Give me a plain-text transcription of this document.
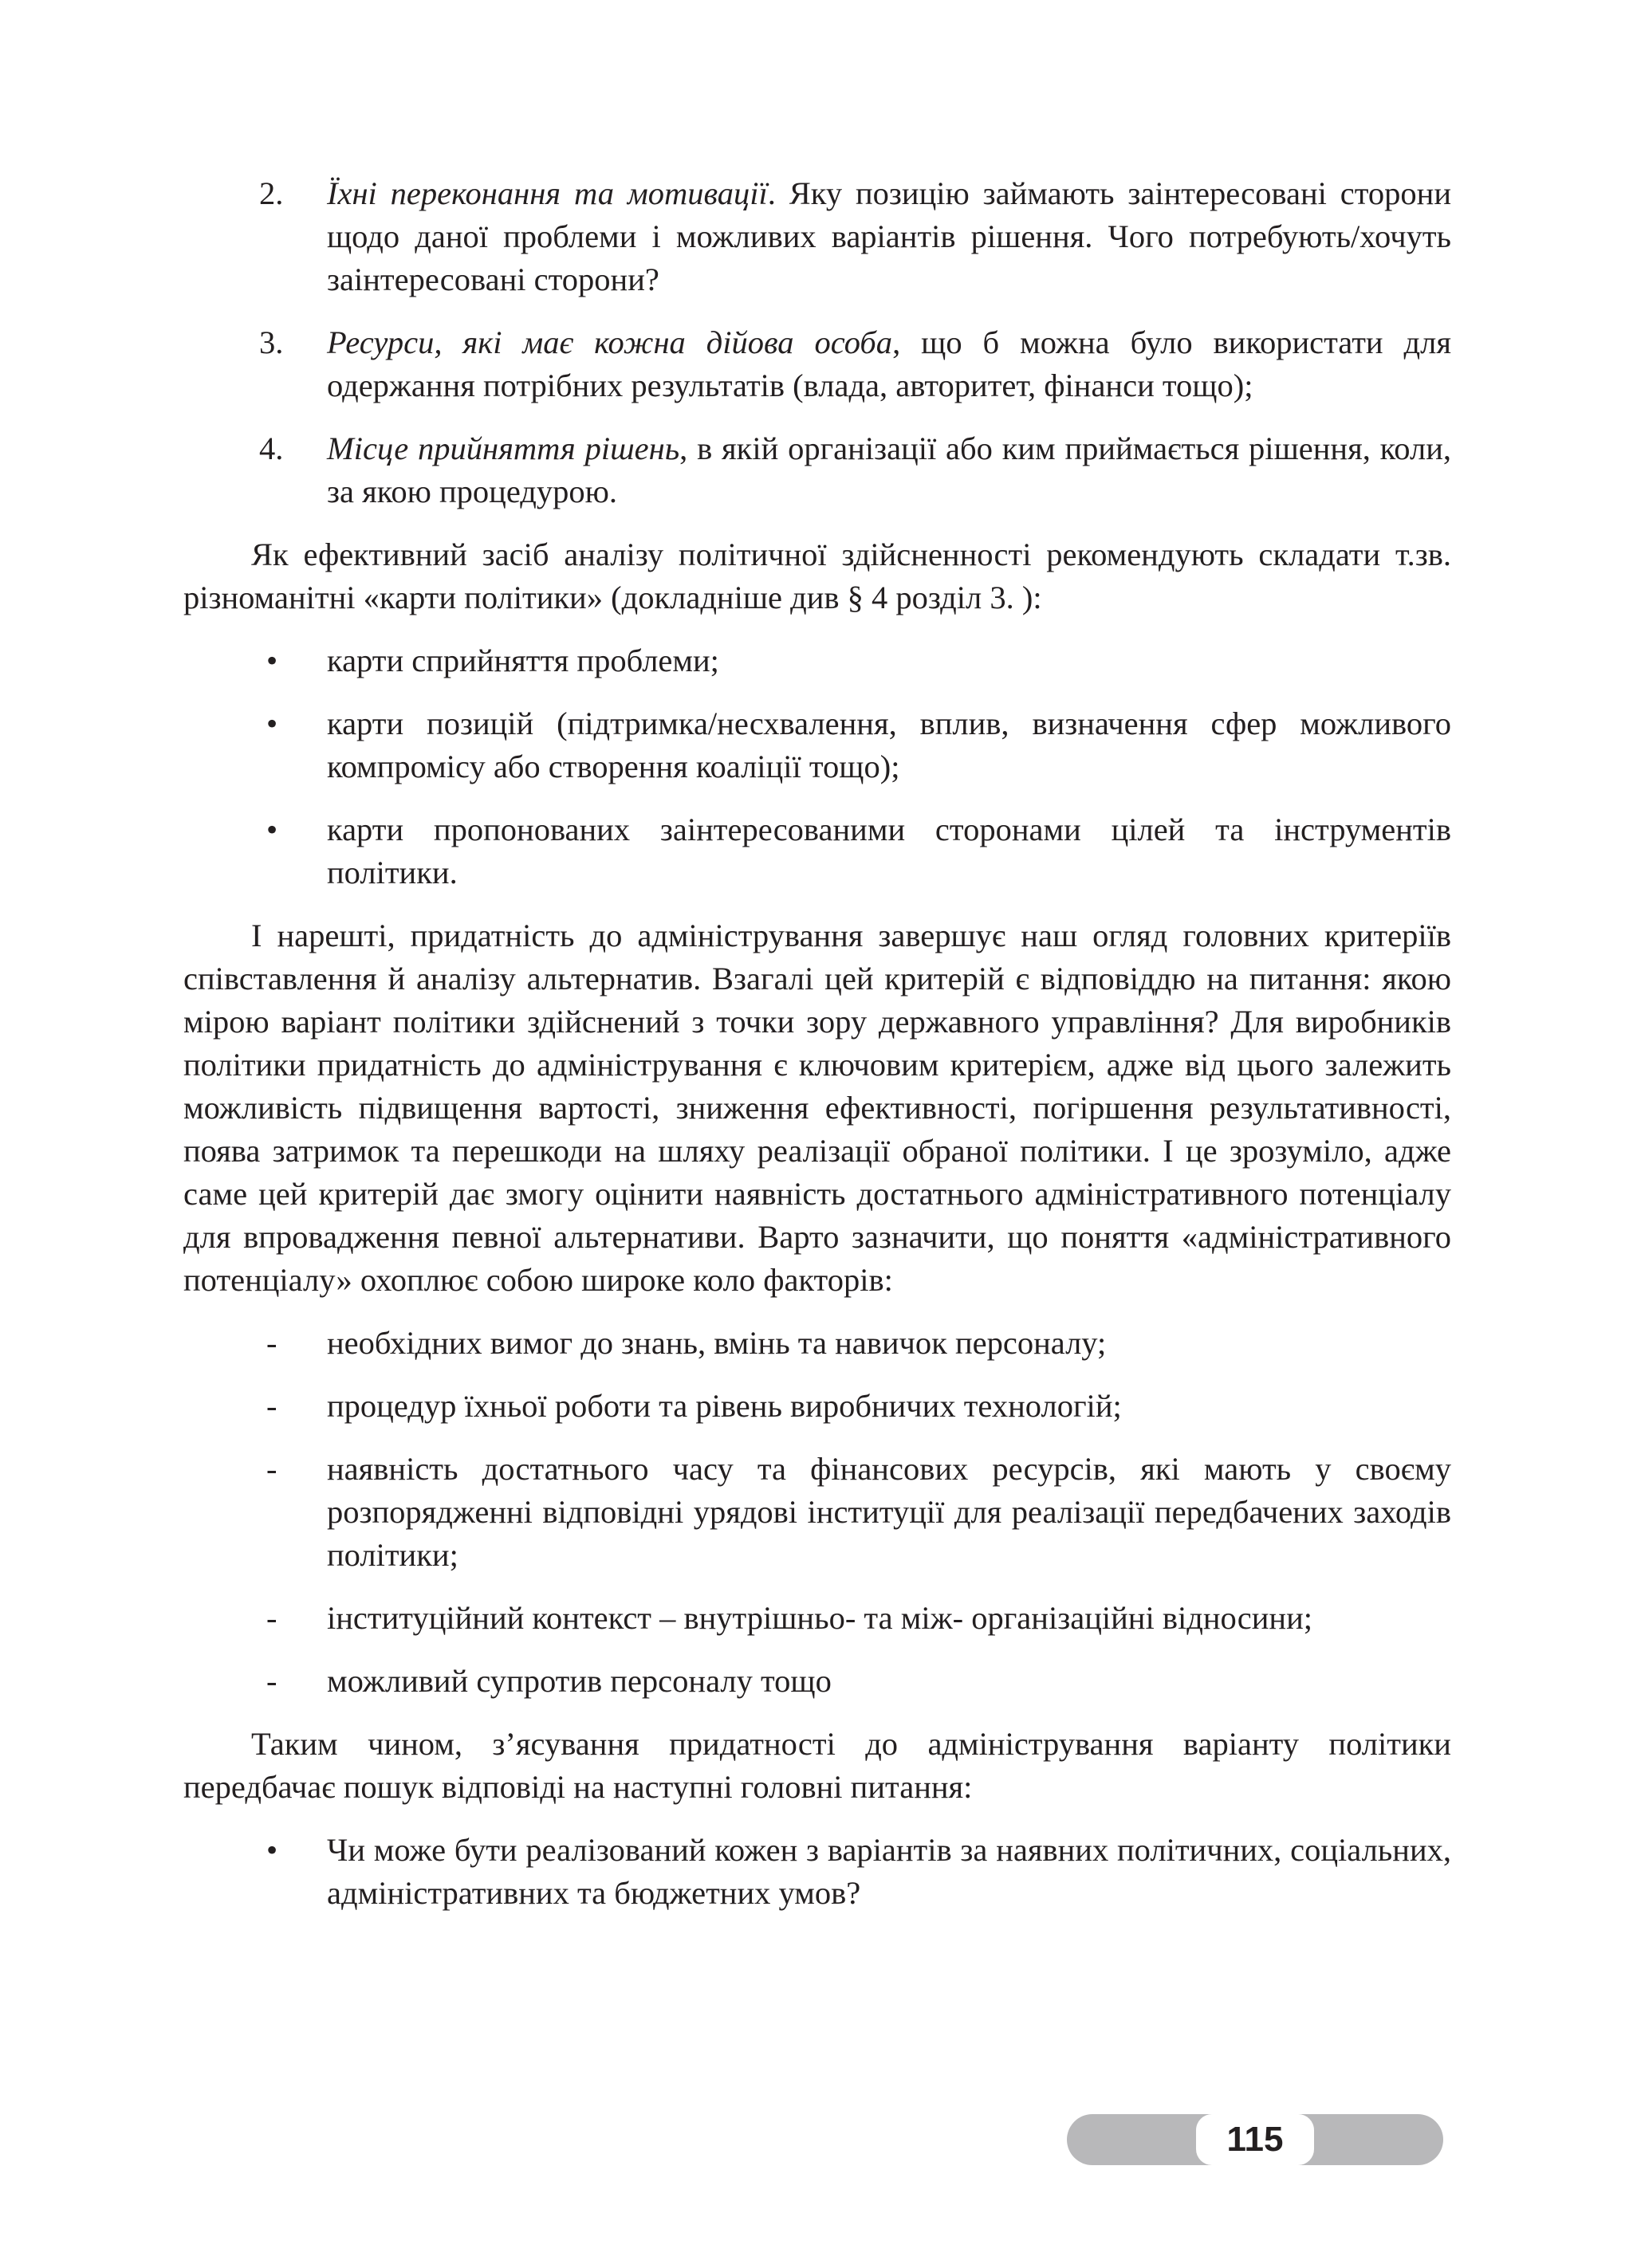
2. Їхні переконання та мотивації. Яку позицію займають заінтересовані сторони щодо даної проблеми і можливих варіантів рішення. Чого потребують/хочуть заінтересовані сторони?
3. Ресурси, які має кожна дійова особа, що б можна було використати для одержання потрібних результатів (влада, авторитет, фінанси тощо);
4. Місце прийняття рішень, в якій організації або ким приймається рішення, коли, за якою процедурою.

Як ефективний засіб аналізу політичної здійсненності рекомендують складати т.зв. різноманітні «карти політики» (докладніше див § 4 розділ 3. ):

• карти сприйняття проблеми;
• карти позицій (підтримка/несхвалення, вплив, визначення сфер можливого компромісу або створення коаліції тощо);
• карти пропонованих заінтересованими сторонами цілей та інструментів політики.

І нарешті, придатність до адміністрування завершує наш огляд головних критеріїв співставлення й аналізу альтернатив. Взагалі цей критерій є відповіддю на питання: якою мірою варіант політики здійснений з точки зору державного управління? Для виробників політики придатність до адміністрування є ключовим критерієм, адже від цього залежить можливість підвищення вартості, зниження ефективності, погіршення результативності, поява затримок та перешкоди на шляху реалізації обраної політики. І це зрозуміло, адже саме цей критерій дає змогу оцінити наявність достатнього адміністративного потенціалу для впровадження певної альтернативи. Варто зазначити, що поняття «адміністративного потенціалу» охоплює собою широке коло факторів:

- необхідних вимог до знань, вмінь та навичок персоналу;
- процедур їхньої роботи та рівень виробничих технологій;
- наявність достатнього часу та фінансових ресурсів, які мають у своєму розпорядженні відповідні урядові інституції для реалізації передбачених заходів політики;
- інституційний контекст – внутрішньо- та між- організаційні відносини;
- можливий супротив персоналу тощо

Таким чином, з’ясування придатності до адміністрування варіанту політики передбачає пошук відповіді на наступні головні питання:

• Чи може бути реалізований кожен з варіантів за наявних політичних, соціальних, адміністративних та бюджетних умов?
115
